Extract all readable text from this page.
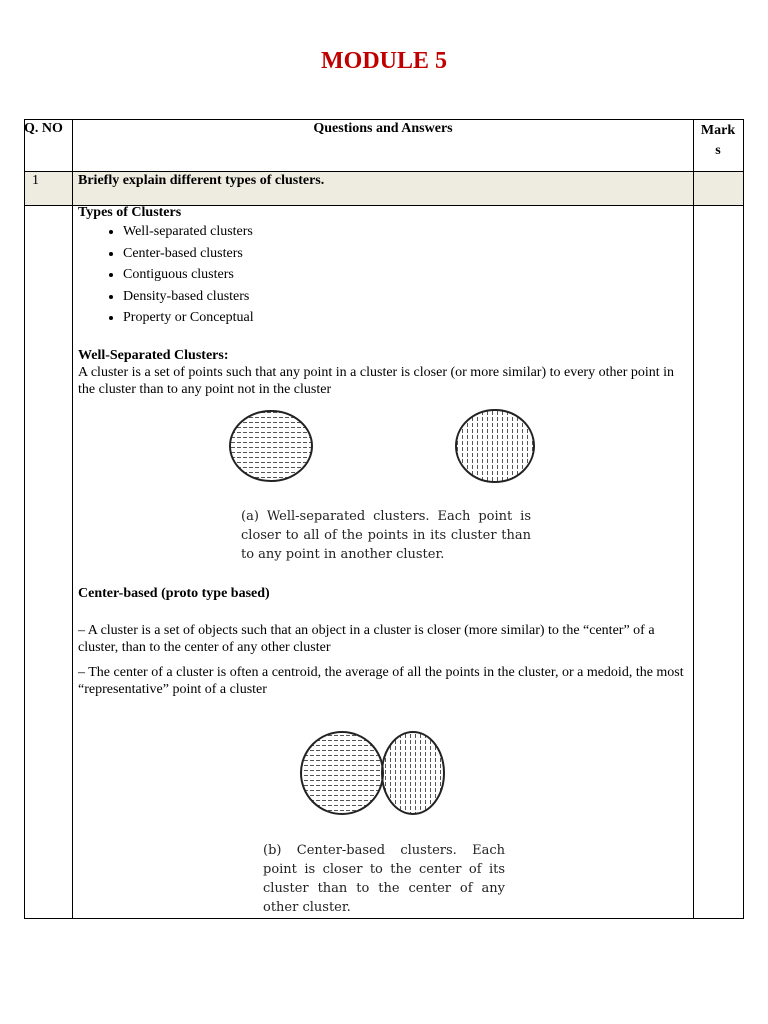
MODULE 5
Q. NO	Questions and Answers	Mark s
1	Briefly explain different types of clusters.

Types of Clusters

• Well-separated clusters
• Center-based clusters
• Contiguous clusters
• Density-based clusters
• Property or Conceptual

Well-Separated Clusters:

A cluster is a set of points such that any point in a cluster is closer (or more similar) to every other point in the cluster than to any point not in the cluster

(a) Well-separated clusters. Each point is closer to all of the points in its cluster than to any point in another cluster.

Center-based (proto type based)

– A cluster is a set of objects such that an object in a cluster is closer (more similar) to the “center” of a cluster, than to the center of any other cluster

– The center of a cluster is often a centroid, the average of all the points in the cluster, or a medoid, the most “representative” point of a cluster

(b) Center-based clusters. Each point is closer to the center of its cluster than to the center of any other cluster.
